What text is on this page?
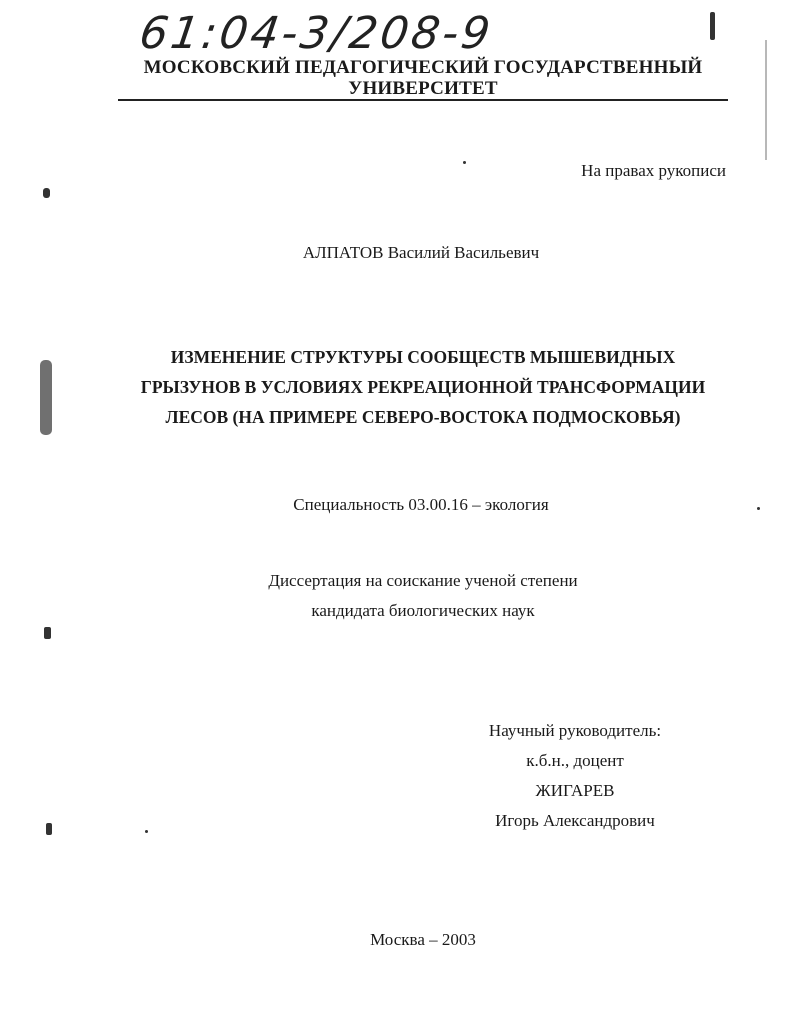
61:04-3/208-9
МОСКОВСКИЙ ПЕДАГОГИЧЕСКИЙ ГОСУДАРСТВЕННЫЙ
УНИВЕРСИТЕТ
На правах рукописи
АЛПАТОВ Василий Васильевич
ИЗМЕНЕНИЕ СТРУКТУРЫ СООБЩЕСТВ МЫШЕВИДНЫХ
ГРЫЗУНОВ В УСЛОВИЯХ РЕКРЕАЦИОННОЙ ТРАНСФОРМАЦИИ
ЛЕСОВ (НА ПРИМЕРЕ СЕВЕРО-ВОСТОКА ПОДМОСКОВЬЯ)
Специальность 03.00.16 – экология
Диссертация на соискание ученой степени
кандидата биологических наук
Научный руководитель:
к.б.н., доцент
ЖИГАРЕВ
Игорь Александрович
Москва – 2003
